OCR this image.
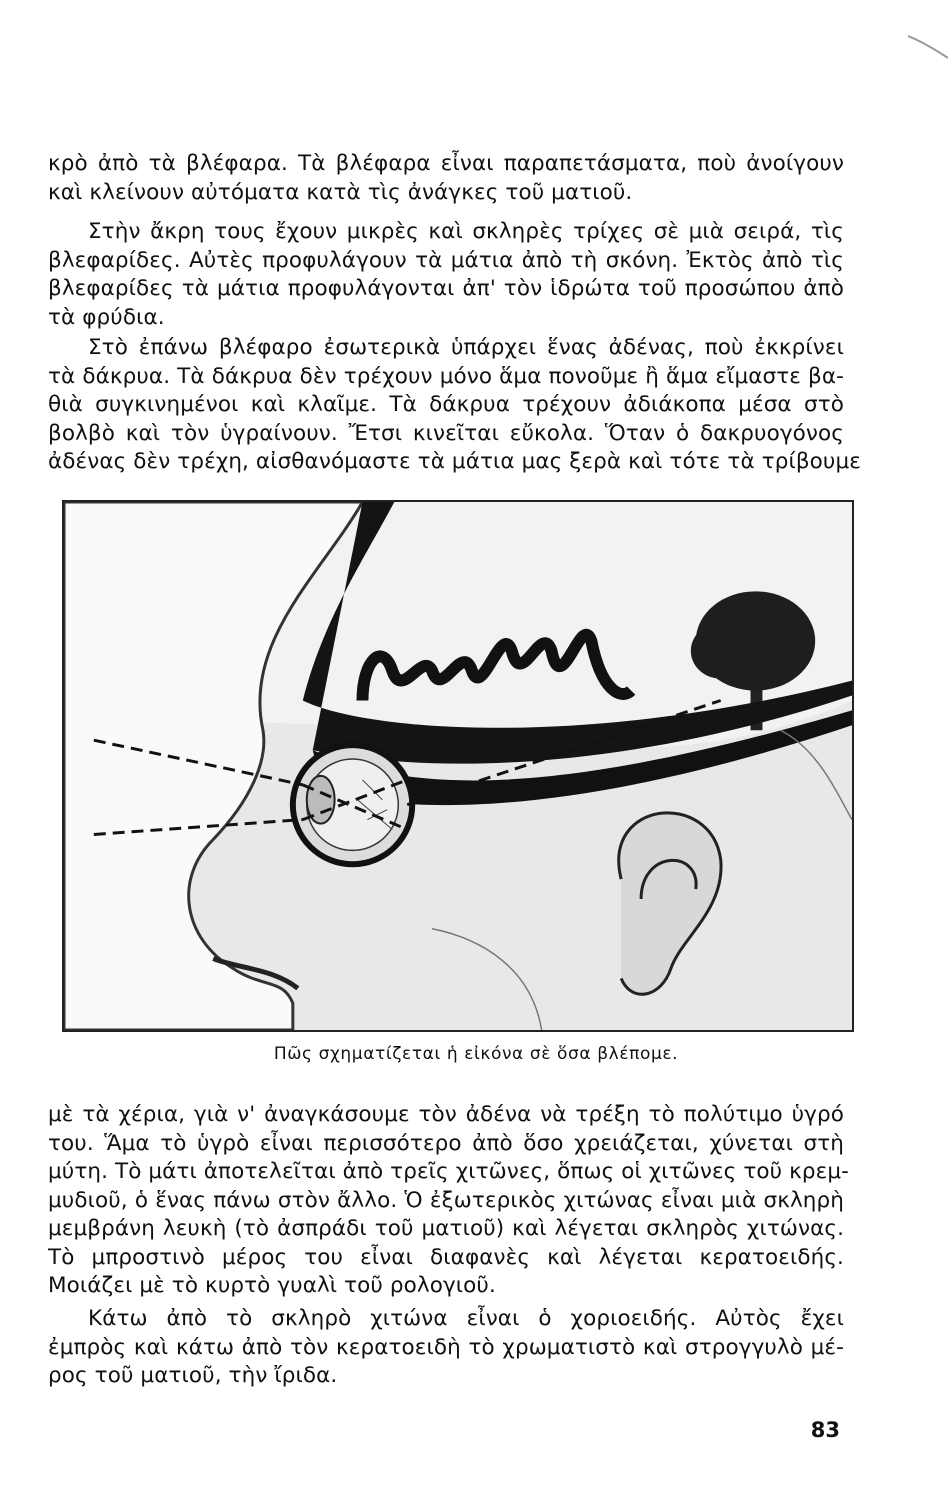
κρὸ ἀπὸ τὰ βλέφαρα. Τὰ βλέφαρα εἶναι παραπετάσματα, ποὺ ἀνοίγουν
καὶ κλείνουν αὐτόματα κατὰ τὶς ἀνάγκες τοῦ ματιοῦ.

Στὴν ἄκρη τους ἔχουν μικρὲς καὶ σκληρὲς τρίχες σὲ μιὰ σειρά, τὶς
βλεφαρίδες. Αὐτὲς προφυλάγουν τὰ μάτια ἀπὸ τὴ σκόνη. Ἐκτὸς ἀπὸ τὶς
βλεφαρίδες τὰ μάτια προφυλάγονται ἀπ' τὸν ἱδρώτα τοῦ προσώπου ἀπὸ
τὰ φρύδια.

Στὸ ἐπάνω βλέφαρο ἐσωτερικὰ ὑπάρχει ἕνας ἀδένας, ποὺ ἐκκρίνει
τὰ δάκρυα. Τὰ δάκρυα δὲν τρέχουν μόνο ἅμα πονοῦμε ἢ ἅμα εἴμαστε βα-
θιὰ συγκινημένοι καὶ κλαῖμε. Τὰ δάκρυα τρέχουν ἀδιάκοπα μέσα στὸ
βολβὸ καὶ τὸν ὑγραίνουν. Ἔτσι κινεῖται εὔκολα. Ὅταν ὁ δακρυογόνος
ἀδένας δὲν τρέχη, αἰσθανόμαστε τὰ μάτια μας ξερὰ καὶ τότε τὰ τρίβουμε

Πῶς σχηματίζεται ἡ εἰκόνα σὲ ὅσα βλέπομε.

μὲ τὰ χέρια, γιὰ ν' ἀναγκάσουμε τὸν ἀδένα νὰ τρέξη τὸ πολύτιμο ὑγρό
του. Ἅμα τὸ ὑγρὸ εἶναι περισσότερο ἀπὸ ὅσο χρειάζεται, χύνεται στὴ
μύτη. Τὸ μάτι ἀποτελεῖται ἀπὸ τρεῖς χιτῶνες, ὅπως οἱ χιτῶνες τοῦ κρεμ-
μυδιοῦ, ὁ ἕνας πάνω στὸν ἄλλο. Ὁ ἐξωτερικὸς χιτώνας εἶναι μιὰ σκληρὴ
μεμβράνη λευκὴ (τὸ ἀσπράδι τοῦ ματιοῦ) καὶ λέγεται σκληρὸς χιτώνας.
Τὸ μπροστινὸ μέρος του εἶναι διαφανὲς καὶ λέγεται κερατοειδής.
Μοιάζει μὲ τὸ κυρτὸ γυαλὶ τοῦ ρολογιοῦ.

Κάτω ἀπὸ τὸ σκληρὸ χιτώνα εἶναι ὁ χοριοειδής. Αὐτὸς ἔχει
ἐμπρὸς καὶ κάτω ἀπὸ τὸν κερατοειδὴ τὸ χρωματιστὸ καὶ στρογγυλὸ μέ-
ρος τοῦ ματιοῦ, τὴν ἴριδα.

83
